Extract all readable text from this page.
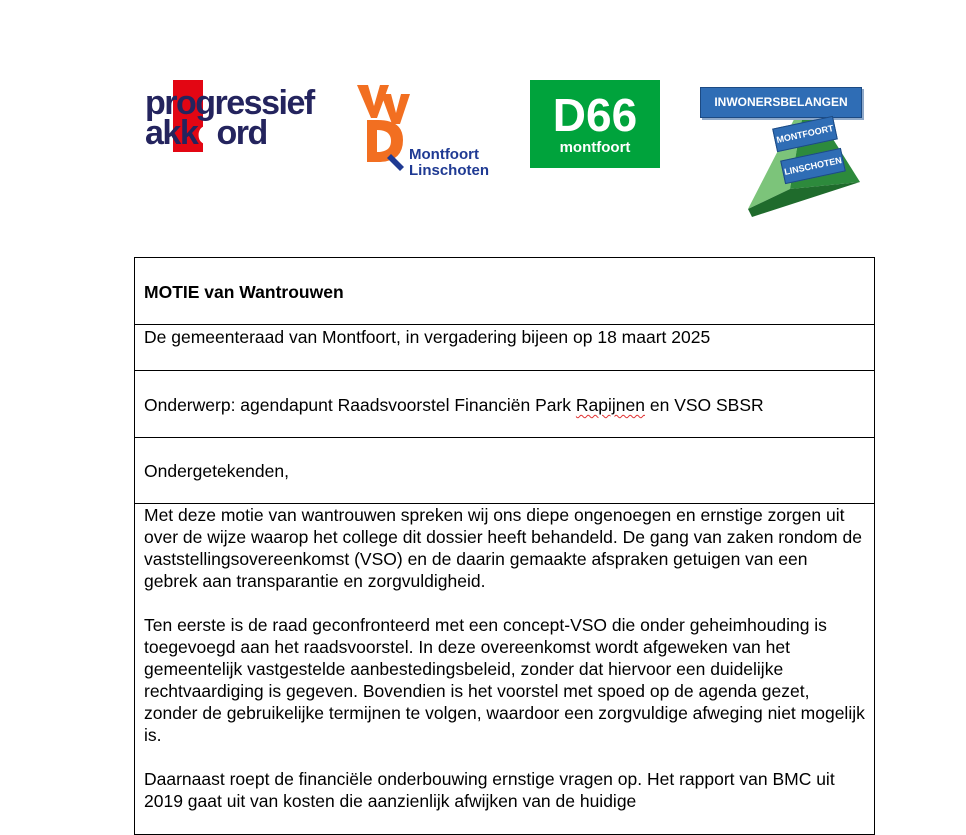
progressief
akkoord
Montfoort
Linschoten
D66
montfoort
INWONERSBELANGEN
MONTFOORT
LINSCHOTEN
MOTIE van Wantrouwen

De gemeenteraad van Montfoort, in vergadering bijeen op 18 maart 2025

Onderwerp: agendapunt Raadsvoorstel Financiën Park Rapijnen en VSO SBSR

Ondergetekenden,

Met deze motie van wantrouwen spreken wij ons diepe ongenoegen en ernstige zorgen uit over de wijze waarop het college dit dossier heeft behandeld. De gang van zaken rondom de vaststellingsovereenkomst (VSO) en de daarin gemaakte afspraken getuigen van een gebrek aan transparantie en zorgvuldigheid.

Ten eerste is de raad geconfronteerd met een concept-VSO die onder geheimhouding is toegevoegd aan het raadsvoorstel. In deze overeenkomst wordt afgeweken van het gemeentelijk vastgestelde aanbestedingsbeleid, zonder dat hiervoor een duidelijke rechtvaardiging is gegeven. Bovendien is het voorstel met spoed op de agenda gezet, zonder de gebruikelijke termijnen te volgen, waardoor een zorgvuldige afweging niet mogelijk is.

Daarnaast roept de financiële onderbouwing ernstige vragen op. Het rapport van BMC uit 2019 gaat uit van kosten die aanzienlijk afwijken van de huidige
